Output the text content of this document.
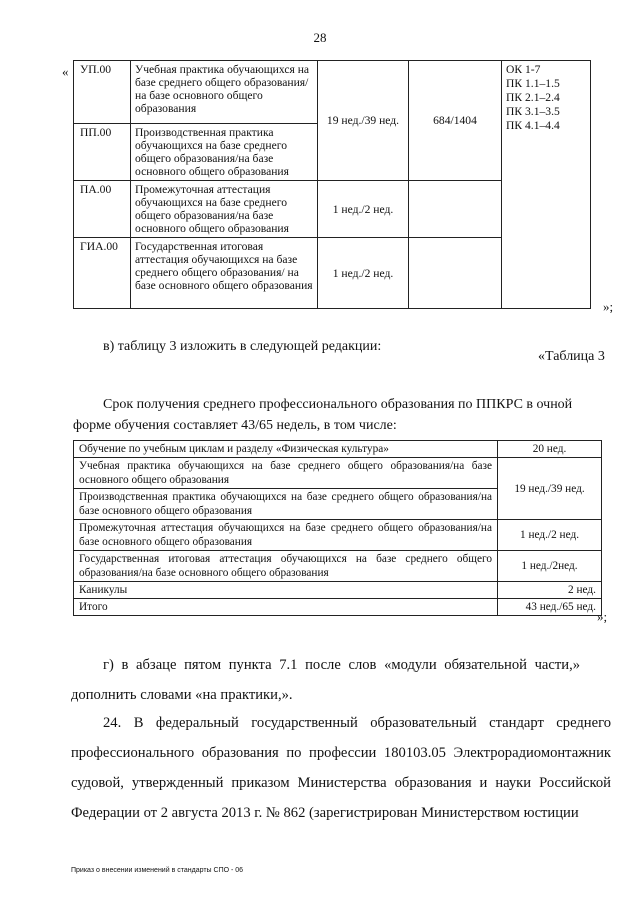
28
« УП.00	Учебная практика обучающихся на базе среднего общего образования/на базе основного общего образования	19 нед./39 нед.	684/1404	ОК 1-7
ПК 1.1–1.5
ПК 2.1–2.4
ПК 3.1–3.5
ПК 4.1–4.4

ПП.00	Производственная практика обучающихся на базе среднего общего образования/на базе основного общего образования			
ПА.00	Промежуточная аттестация обучающихся на базе среднего общего образования/на базе основного общего образования	1 нед./2 нед.		
ГИА.00	Государственная итоговая аттестация обучающихся на базе среднего общего образования/ на базе основного общего образования	1 нед./2 нед.		
»;
в) таблицу 3 изложить в следующей редакции:
«Таблица 3
Срок получения среднего профессионального образования по ППКРС в очной
форме обучения составляет 43/65 недель, в том числе:
Обучение по учебным циклам и разделу «Физическая культура»	20 нед.
Учебная практика обучающихся на базе среднего общего образования/на базе основного общего образования	19 нед./39 нед.
Производственная практика обучающихся на базе среднего общего образования/на базе основного общего образования	
Промежуточная аттестация обучающихся на базе среднего общего образования/на базе основного общего образования	1 нед./2 нед.
Государственная итоговая аттестация обучающихся на базе среднего общего образования/на базе основного общего образования	1 нед./2нед.
Каникулы	2 нед.
Итого	43 нед./65 нед.
»;
г) в абзаце пятом пункта 7.1 после слов «модули обязательной части,»
дополнить словами «на практики,».
24. В федеральный государственный образовательный стандарт среднего профессионального образования по профессии 180103.05 Электрорадиомонтажник судовой, утвержденный приказом Министерства образования и науки Российской Федерации от 2 августа 2013 г. № 862 (зарегистрирован Министерством юстиции
Приказ о внесении изменений в стандарты СПО - 06
